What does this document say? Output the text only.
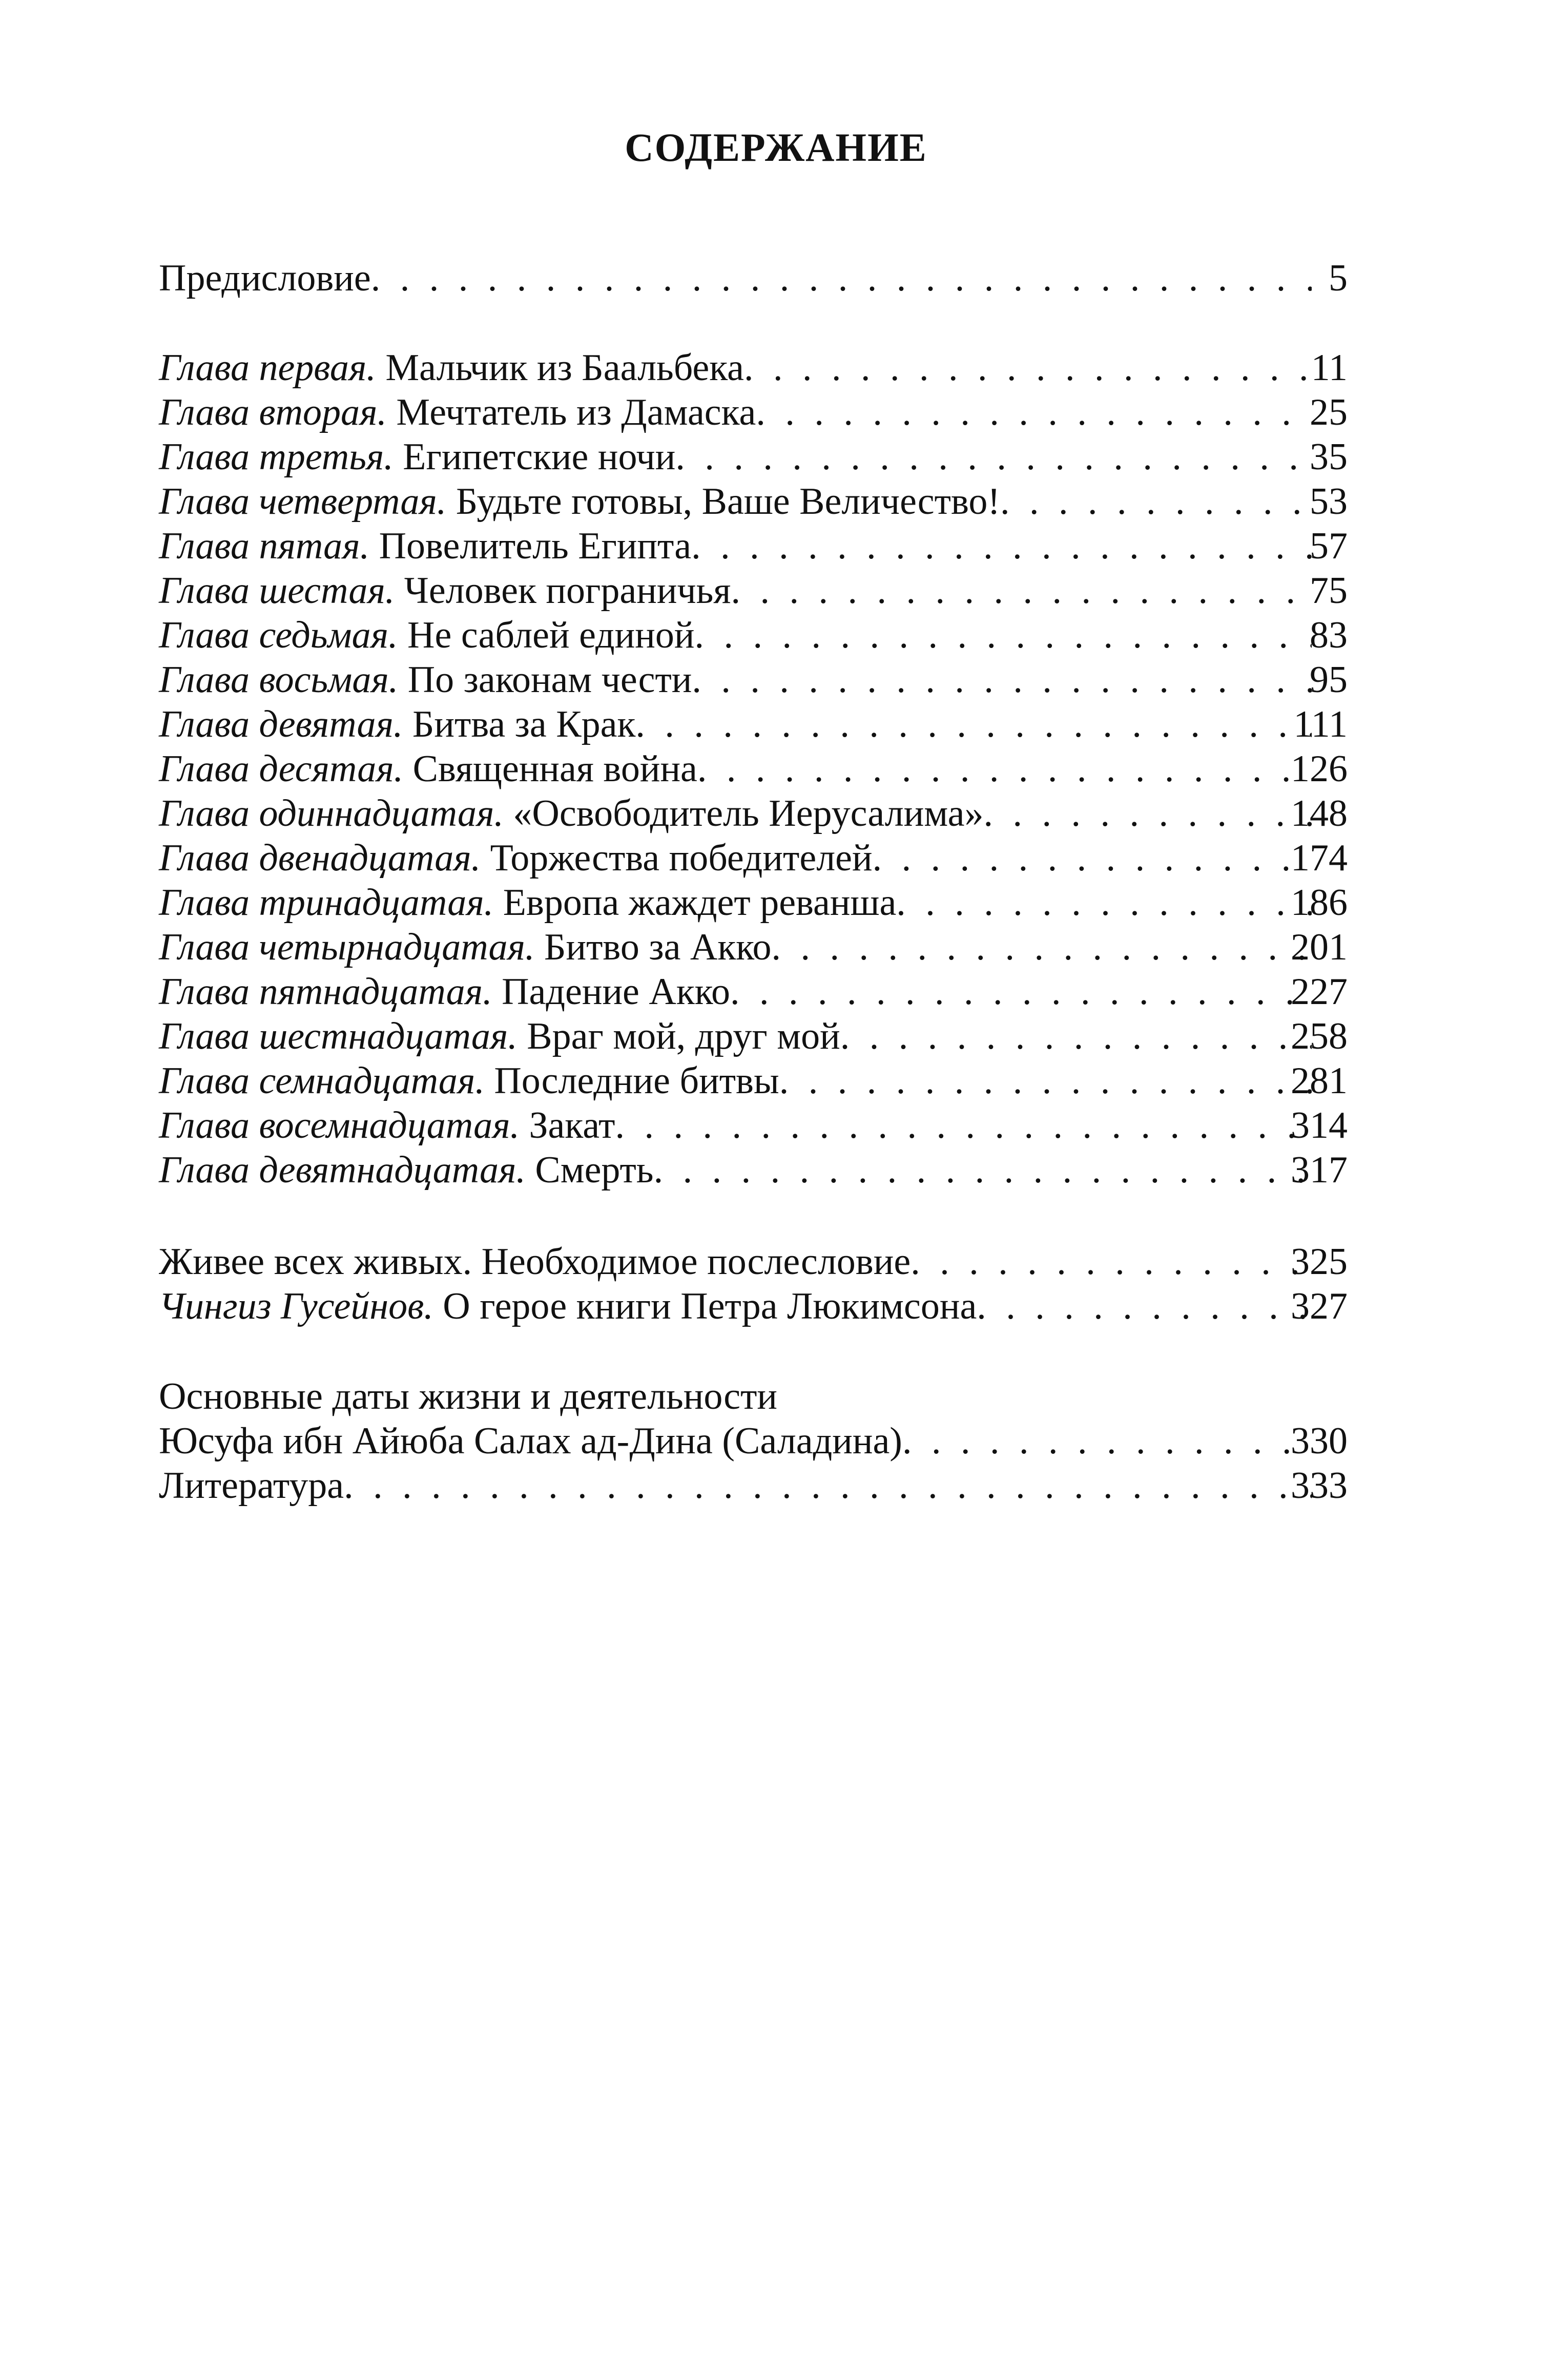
СОДЕРЖАНИЕ
Предисловие . . .	5
Глава первая. Мальчик из Баальбека . . .	11
Глава вторая. Мечтатель из Дамаска . . .	25
Глава третья. Египетские ночи . . .	35
Глава четвертая. Будьте готовы, Ваше Величество! . . .	53
Глава пятая. Повелитель Египта . . .	57
Глава шестая. Человек пограничья . . .	75
Глава седьмая. Не саблей единой . . .	83
Глава восьмая. По законам чести . . .	95
Глава девятая. Битва за Крак . . .	111
Глава десятая. Священная война . . .	126
Глава одиннадцатая. «Освободитель Иерусалима» . . .	148
Глава двенадцатая. Торжества победителей . . .	174
Глава тринадцатая. Европа жаждет реванша . . .	186
Глава четырнадцатая. Битво за Акко . . .	201
Глава пятнадцатая. Падение Акко . . .	227
Глава шестнадцатая. Враг мой, друг мой . . .	258
Глава семнадцатая. Последние битвы . . .	281
Глава восемнадцатая. Закат . . .	314
Глава девятнадцатая. Смерть . . .	317
Живее всех живых. Необходимое послесловие . . .	325
Чингиз Гусейнов. О герое книги Петра Люкимсона . . .	327
Основные даты жизни и деятельности
Юсуфа ибн Айюба Салах ад-Дина (Саладина) . . .	330
Литература . . .	333
